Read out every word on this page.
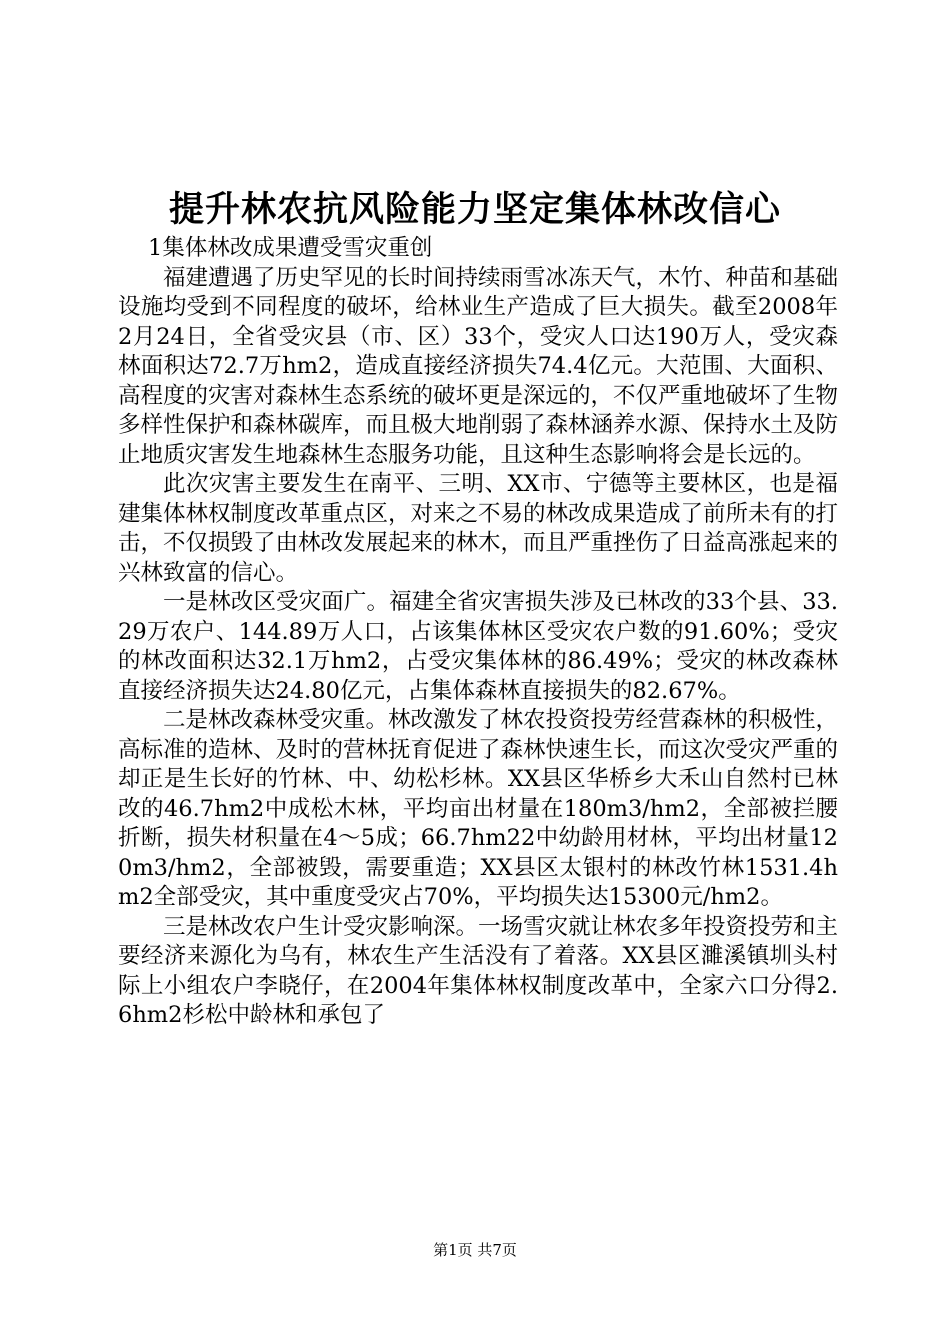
提升林农抗风险能力坚定集体林改信心

1集体林改成果遭受雪灾重创

福建遭遇了历史罕见的长时间持续雨雪冰冻天气，木竹、种苗和基础设施均受到不同程度的破坏，给林业生产造成了巨大损失。截至2008年2月24日，全省受灾县（市、区）33个，受灾人口达190万人，受灾森林面积达72.7万hm2，造成直接经济损失74.4亿元。大范围、大面积、高程度的灾害对森林生态系统的破坏更是深远的，不仅严重地破坏了生物多样性保护和森林碳库，而且极大地削弱了森林涵养水源、保持水土及防止地质灾害发生地森林生态服务功能，且这种生态影响将会是长远的。

此次灾害主要发生在南平、三明、XX市、宁德等主要林区，也是福建集体林权制度改革重点区，对来之不易的林改成果造成了前所未有的打击，不仅损毁了由林改发展起来的林木，而且严重挫伤了日益高涨起来的兴林致富的信心。

一是林改区受灾面广。福建全省灾害损失涉及已林改的33个县、33.29万农户、144.89万人口，占该集体林区受灾农户数的91.60%；受灾的林改面积达32.1万hm2，占受灾集体林的86.49%；受灾的林改森林直接经济损失达24.80亿元，占集体森林直接损失的82.67%。

二是林改森林受灾重。林改激发了林农投资投劳经营森林的积极性，高标准的造林、及时的营林抚育促进了森林快速生长，而这次受灾严重的却正是生长好的竹林、中、幼松杉林。XX县区华桥乡大禾山自然村已林改的46.7hm2中成松木林，平均亩出材量在180m3/hm2，全部被拦腰折断，损失材积量在4～5成；66.7hm22中幼龄用材林，平均出材量120m3/hm2，全部被毁，需要重造；XX县区太银村的林改竹林1531.4hm2全部受灾，其中重度受灾占70%，平均损失达15300元/hm2。

三是林改农户生计受灾影响深。一场雪灾就让林农多年投资投劳和主要经济来源化为乌有，林农生产生活没有了着落。XX县区濉溪镇圳头村际上小组农户李晓仔，在2004年集体林权制度改革中，全家六口分得2.6hm2杉松中龄林和承包了

第1页 共7页
